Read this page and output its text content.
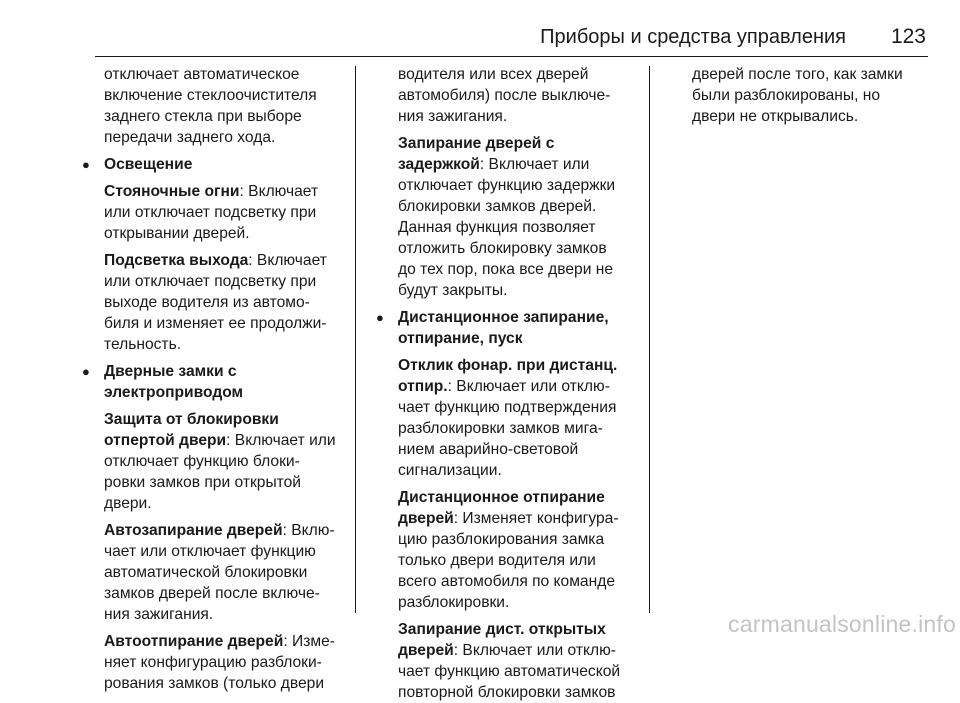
Приборы и средства управления 123
отключает автоматическое
включение стеклоочистителя
заднего стекла при выборе
передачи заднего хода.
● Освещение
Стояночные огни: Включает
или отключает подсветку при
открывании дверей.
Подсветка выхода: Включает
или отключает подсветку при
выходе водителя из автомо-
биля и изменяет ее продолжи-
тельность.
● Дверные замки с
электроприводом
Защита от блокировки
отпертой двери: Включает или
отключает функцию блоки-
ровки замков при открытой
двери.
Автозапирание дверей: Вклю-
чает или отключает функцию
автоматической блокировки
замков дверей после включе-
ния зажигания.
Автоотпирание дверей: Изме-
няет конфигурацию разблоки-
рования замков (только двери
водителя или всех дверей
автомобиля) после выключе-
ния зажигания.
Запирание дверей с
задержкой: Включает или
отключает функцию задержки
блокировки замков дверей.
Данная функция позволяет
отложить блокировку замков
до тех пор, пока все двери не
будут закрыты.
● Дистанционное запирание,
отпирание, пуск
Отклик фонар. при дистанц.
отпир.: Включает или отклю-
чает функцию подтверждения
разблокировки замков мига-
нием аварийно-световой
сигнализации.
Дистанционное отпирание
дверей: Изменяет конфигура-
цию разблокирования замка
только двери водителя или
всего автомобиля по команде
разблокировки.
Запирание дист. открытых
дверей: Включает или отклю-
чает функцию автоматической
повторной блокировки замков
дверей после того, как замки
были разблокированы, но
двери не открывались.
carmanualsonline.info
